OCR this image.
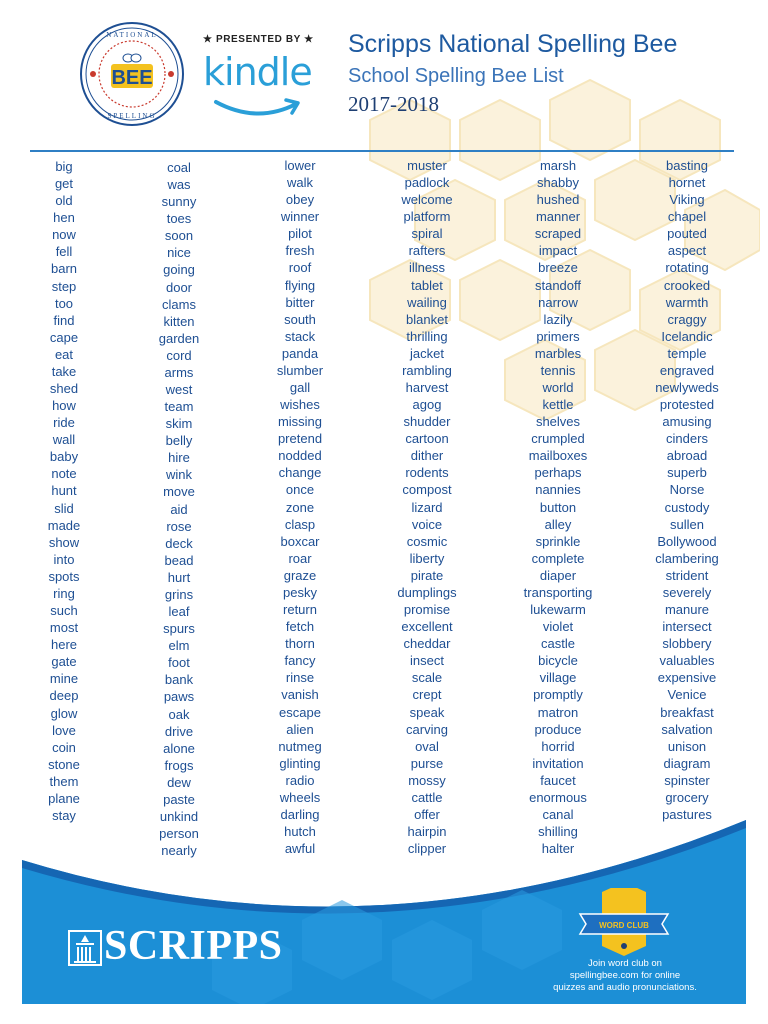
NATIONAL
SPELLING
BEE
★ PRESENTED BY ★
kindle
Scripps National Spelling Bee
School Spelling Bee List
2017-2018
big
get
old
hen
now
fell
barn
step
too
find
cape
eat
take
shed
how
ride
wall
baby
note
hunt
slid
made
show
into
spots
ring
such
most
here
gate
mine
deep
glow
love
coin
stone
them
plane
stay
coal
was
sunny
toes
soon
nice
going
door
clams
kitten
garden
cord
arms
west
team
skim
belly
hire
wink
move
aid
rose
deck
bead
hurt
grins
leaf
spurs
elm
foot
bank
paws
oak
drive
alone
frogs
dew
paste
unkind
person
nearly
lower
walk
obey
winner
pilot
fresh
roof
flying
bitter
south
stack
panda
slumber
gall
wishes
missing
pretend
nodded
change
once
zone
clasp
boxcar
roar
graze
pesky
return
fetch
thorn
fancy
rinse
vanish
escape
alien
nutmeg
glinting
radio
wheels
darling
hutch
awful
muster
padlock
welcome
platform
spiral
rafters
illness
tablet
wailing
blanket
thrilling
jacket
rambling
harvest
agog
shudder
cartoon
dither
rodents
compost
lizard
voice
cosmic
liberty
pirate
dumplings
promise
excellent
cheddar
insect
scale
crept
speak
carving
oval
purse
mossy
cattle
offer
hairpin
clipper
marsh
shabby
hushed
manner
scraped
impact
breeze
standoff
narrow
lazily
primers
marbles
tennis
world
kettle
shelves
crumpled
mailboxes
perhaps
nannies
button
alley
sprinkle
complete
diaper
transporting
lukewarm
violet
castle
bicycle
village
promptly
matron
produce
horrid
invitation
faucet
enormous
canal
shilling
halter
basting
hornet
Viking
chapel
pouted
aspect
rotating
crooked
warmth
craggy
Icelandic
temple
engraved
newlyweds
protested
amusing
cinders
abroad
superb
Norse
custody
sullen
Bollywood
clambering
strident
severely
manure
intersect
slobbery
valuables
expensive
Venice
breakfast
salvation
unison
diagram
spinster
grocery
pastures
SCRIPPS	WORD CLUB
Join word club on
spellingbee.com for online
quizzes and audio pronunciations.
